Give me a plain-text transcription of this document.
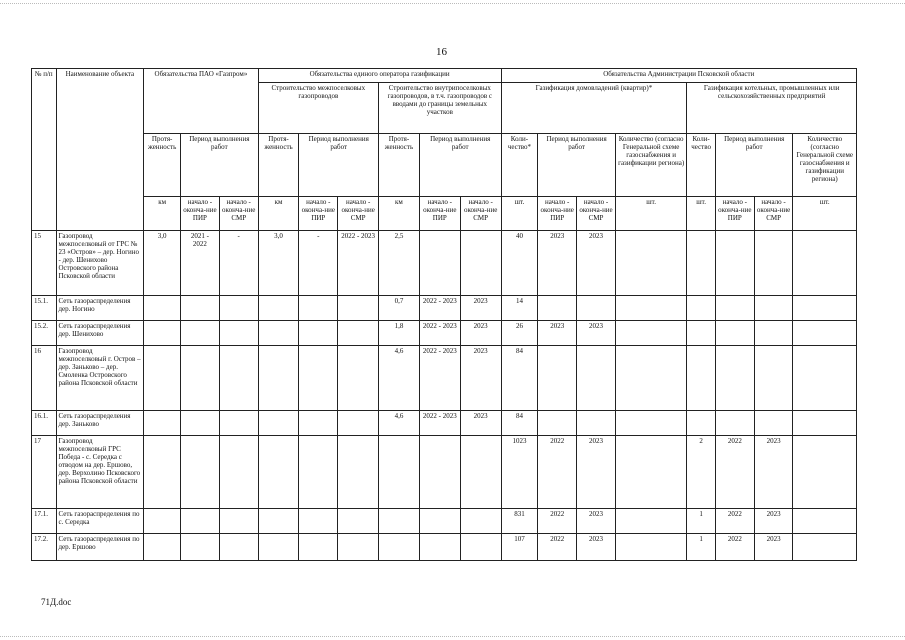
16
№ п/п	Наименование объекта	Обязательства ПАО «Газпром»			Обязательства единого оператора газификации						Обязательства Администрации Псковской области							
					Строительство межпоселковых газопроводов			Строительство внутрипоселковых газопроводов, в т.ч. газопроводов с вводами до границы земельных участков			Газификация домовладений (квартир)*				Газификация котельных, промышленных или сельскохозяйственных предприятий			
		Протя-женность	Период выполнения работ		Протя-женность	Период выполнения работ		Протя-женность	Период выполнения работ		Коли-чество*	Период выполнения работ		Количество (согласно Генеральной схеме газоснабжения и газификации региона)	Коли-чество	Период выполнения работ		Количество (согласно Генеральной схеме газоснабжения и газификации региона)
		км	начало - оконча-ние ПИР	начало - оконча-ние СМР	км	начало - оконча-ние ПИР	начало - оконча-ние СМР	км	начало - оконча-ние ПИР	начало - оконча-ние СМР	шт.	начало - оконча-ние ПИР	начало - оконча-ние СМР	шт.	шт.	начало - оконча-ние ПИР	начало - оконча-ние СМР	шт.
15	Газопровод межпоселковый от ГРС № 23 «Остров» – дер. Ногино - дер. Шенихово Островского района Псковской области	3,0	2021 - 2022	-	3,0	-	2022 - 2023	2,5			40	2023	2023					
15.1.	Сеть газораспределения дер. Ногино							0,7	2022 - 2023	2023	14							
15.2.	Сеть газораспределения дер. Шенихово							1,8	2022 - 2023	2023	26	2023	2023					
16	Газопровод межпоселковый г. Остров – дер. Заньково – дер. Смоленка Островского района Псковской области							4,6	2022 - 2023	2023	84							
16.1.	Сеть газораспределения дер. Заньково							4,6	2022 - 2023	2023	84							
17	Газопровод межпоселковый ГРС Победа - с. Середка с отводом на дер. Ершово, дер. Верхолино Псковского района Псковской области										1023	2022	2023		2	2022	2023	
17.1.	Сеть газораспределения по с. Середка										831	2022	2023		1	2022	2023	
17.2.	Сеть газораспределения по дер. Ершово										107	2022	2023		1	2022	2023	
71Д.doc
